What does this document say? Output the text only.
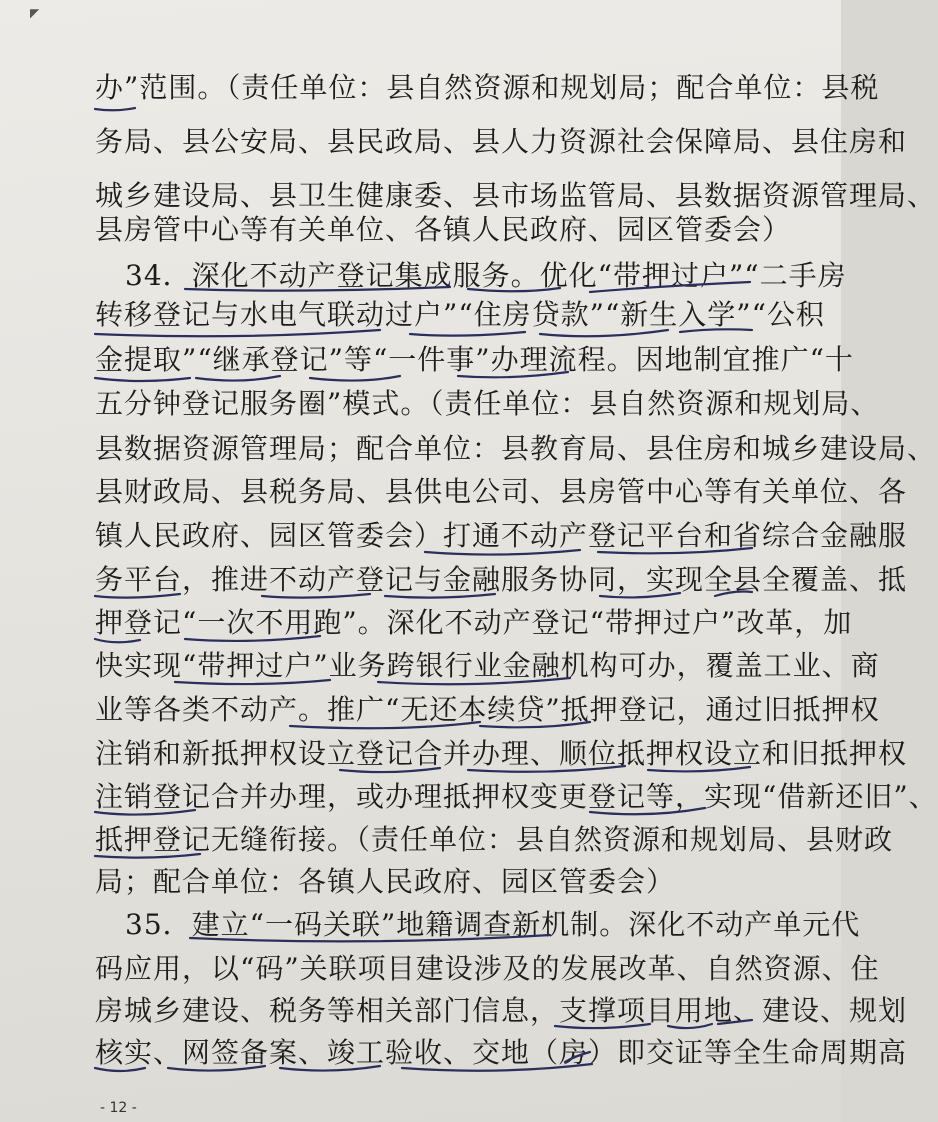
◤
办”范围。（责任单位：县自然资源和规划局；配合单位：县税
务局、县公安局、县民政局、县人力资源社会保障局、县住房和
城乡建设局、县卫生健康委、县市场监管局、县数据资源管理局、
县房管中心等有关单位、各镇人民政府、园区管委会）
34．深化不动产登记集成服务。优化“带押过户”“二手房
转移登记与水电气联动过户”“住房贷款”“新生入学”“公积
金提取”“继承登记”等“一件事”办理流程。因地制宜推广“十
五分钟登记服务圈”模式。（责任单位：县自然资源和规划局、
县数据资源管理局；配合单位：县教育局、县住房和城乡建设局、
县财政局、县税务局、县供电公司、县房管中心等有关单位、各
镇人民政府、园区管委会）打通不动产登记平台和省综合金融服
务平台，推进不动产登记与金融服务协同，实现全县全覆盖、抵
押登记“一次不用跑”。深化不动产登记“带押过户”改革，加
快实现“带押过户”业务跨银行业金融机构可办，覆盖工业、商
业等各类不动产。推广“无还本续贷”抵押登记，通过旧抵押权
注销和新抵押权设立登记合并办理、顺位抵押权设立和旧抵押权
注销登记合并办理，或办理抵押权变更登记等，实现“借新还旧”、
抵押登记无缝衔接。（责任单位：县自然资源和规划局、县财政
局；配合单位：各镇人民政府、园区管委会）
35．建立“一码关联”地籍调查新机制。深化不动产单元代
码应用，以“码”关联项目建设涉及的发展改革、自然资源、住
房城乡建设、税务等相关部门信息，支撑项目用地、建设、规划
核实、网签备案、竣工验收、交地（房）即交证等全生命周期高
- 12 -
